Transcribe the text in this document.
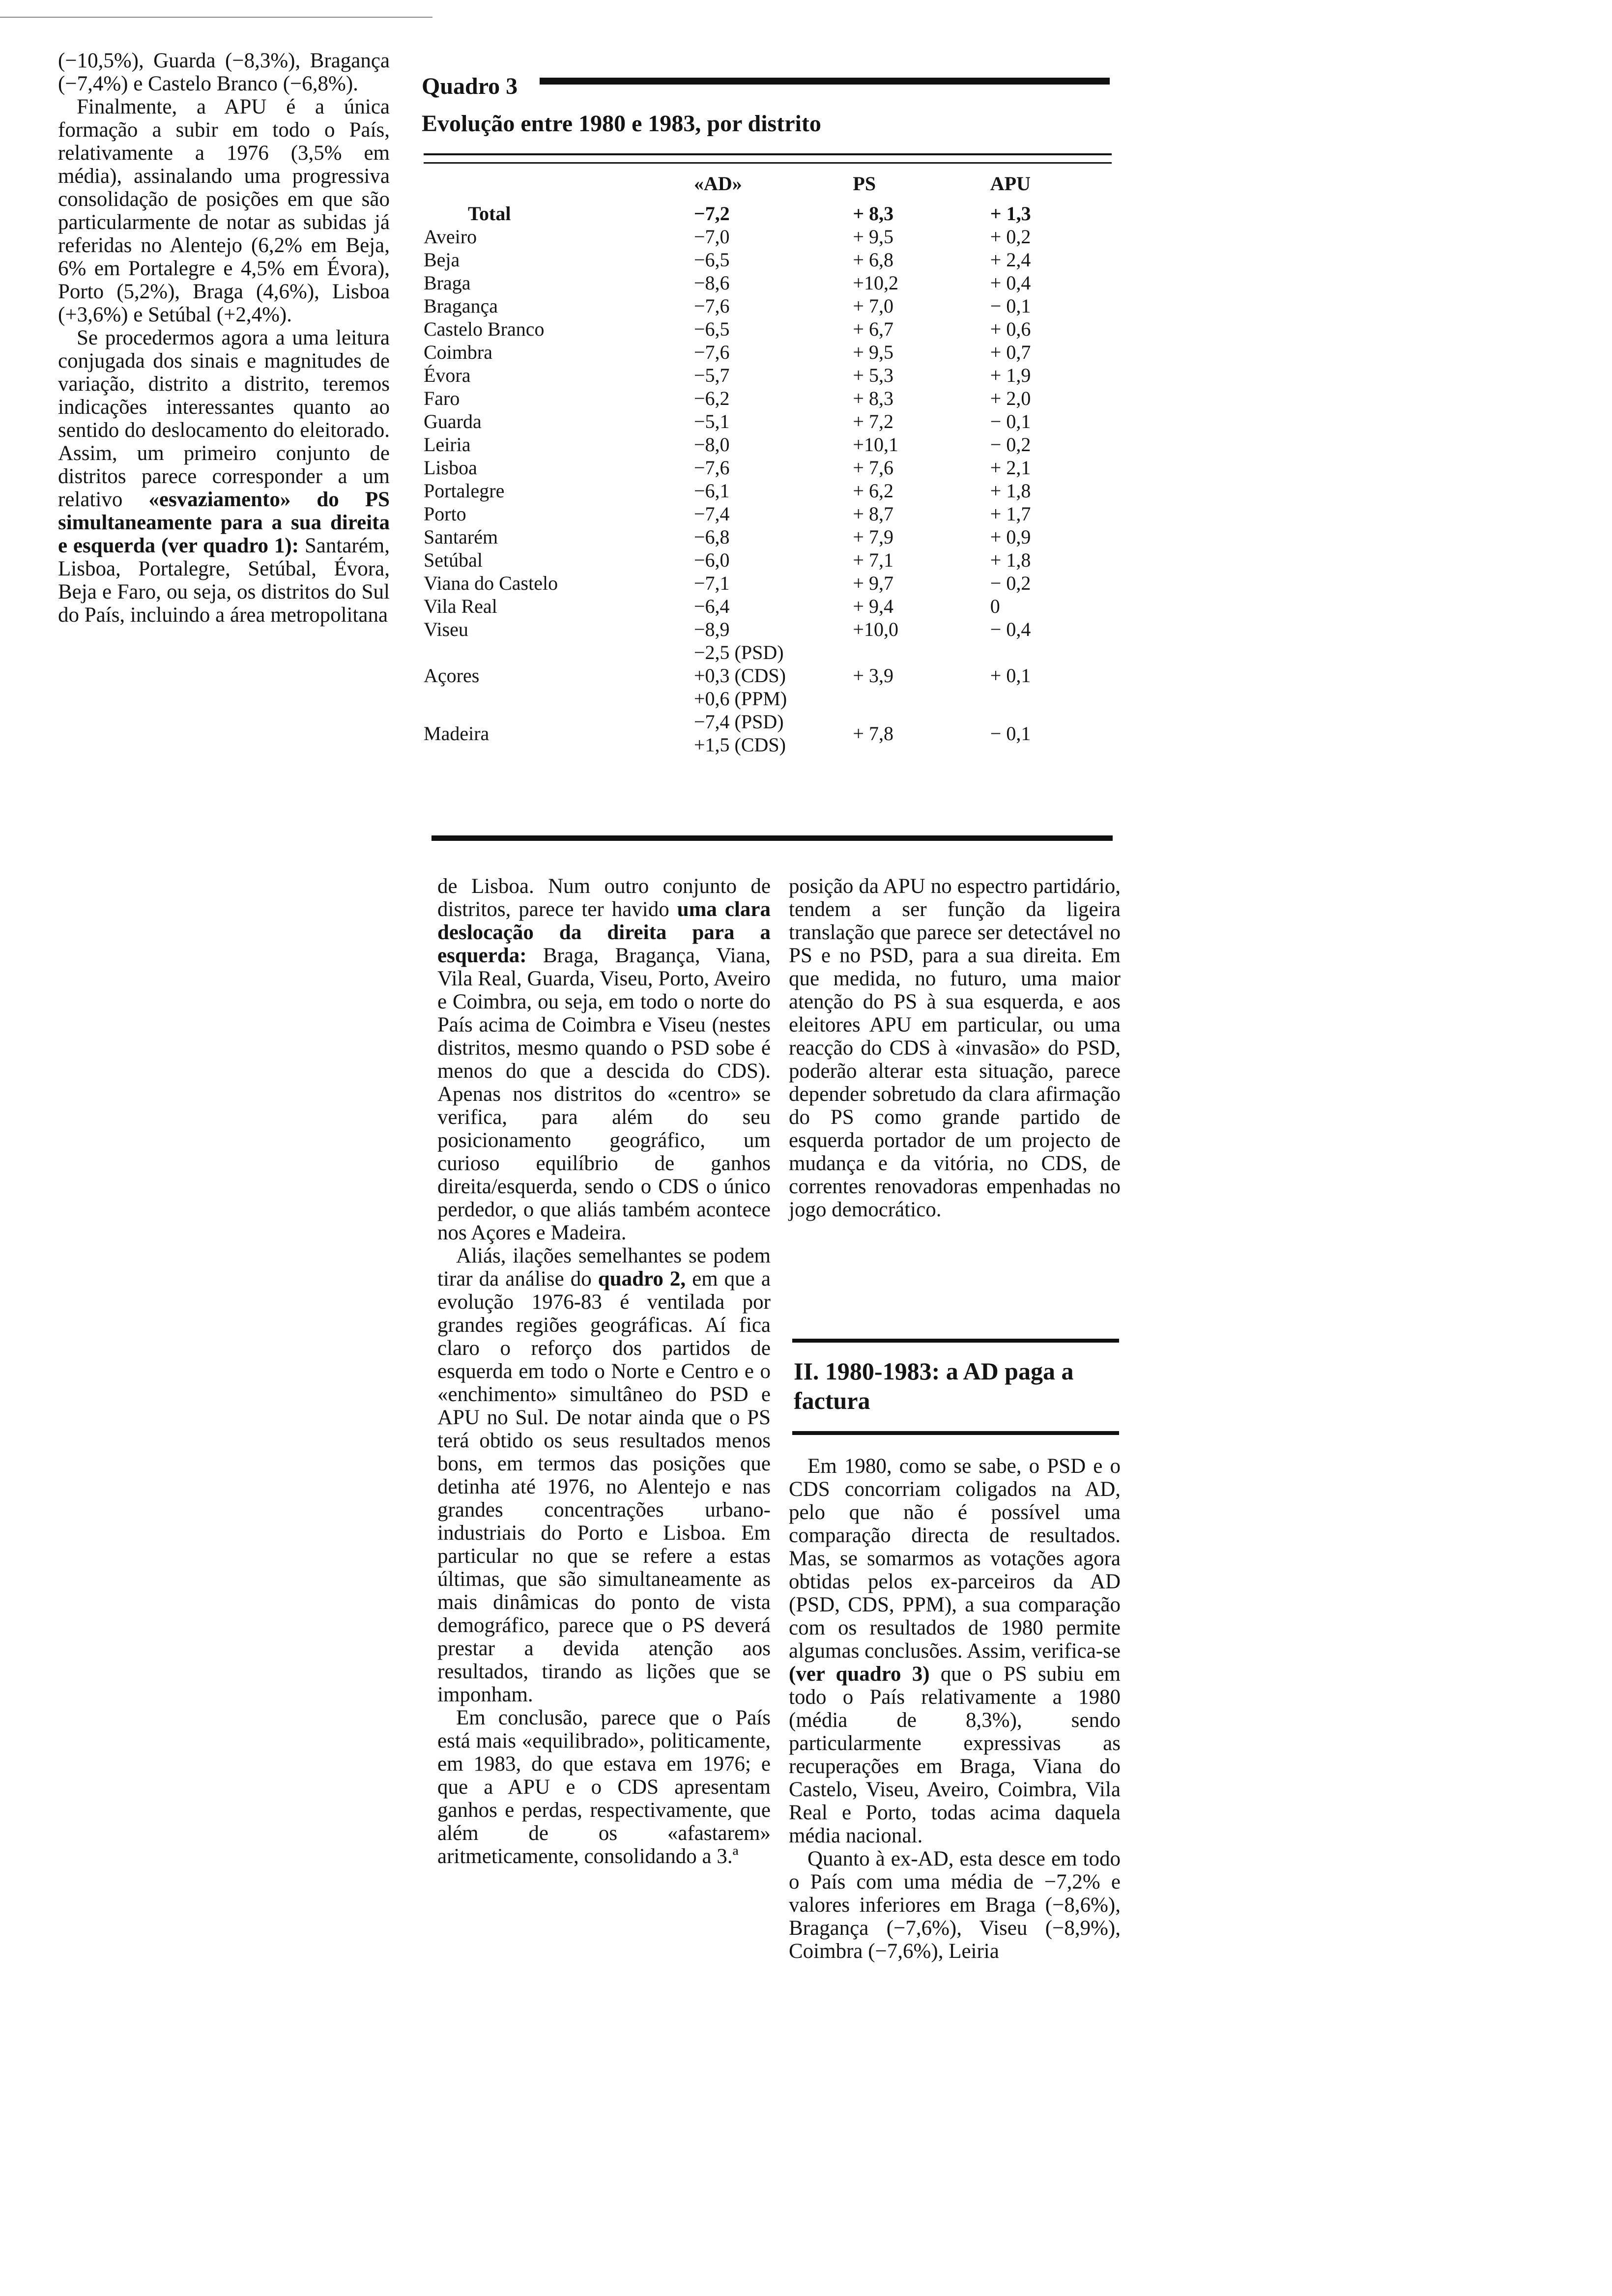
(−10,5%), Guarda (−8,3%), Bragança (−7,4%) e Castelo Branco (−6,8%).

Finalmente, a APU é a única formação a subir em todo o País, relativamente a 1976 (3,5% em média), assinalando uma progressiva consolidação de posições em que são particularmente de notar as subidas já referidas no Alentejo (6,2% em Beja, 6% em Portalegre e 4,5% em Évora), Porto (5,2%), Braga (4,6%), Lisboa (+3,6%) e Setúbal (+2,4%).

Se procedermos agora a uma leitura conjugada dos sinais e magnitudes de variação, distrito a distrito, teremos indicações interessantes quanto ao sentido do deslocamento do eleitorado. Assim, um primeiro conjunto de distritos parece corresponder a um relativo «esvaziamento» do PS simultaneamente para a sua direita e esquerda (ver quadro 1): Santarém, Lisboa, Portalegre, Setúbal, Évora, Beja e Faro, ou seja, os distritos do Sul do País, incluindo a área metropolitana

Quadro 3
Evolução entre 1980 e 1983, por distrito
	«AD»	PS	APU
Total	−7,2	+ 8,3	+ 1,3
Aveiro	−7,0	+ 9,5	+ 0,2
Beja	−6,5	+ 6,8	+ 2,4
Braga	−8,6	+10,2	+ 0,4
Bragança	−7,6	+ 7,0	− 0,1
Castelo Branco	−6,5	+ 6,7	+ 0,6
Coimbra	−7,6	+ 9,5	+ 0,7
Évora	−5,7	+ 5,3	+ 1,9
Faro	−6,2	+ 8,3	+ 2,0
Guarda	−5,1	+ 7,2	− 0,1
Leiria	−8,0	+10,1	− 0,2
Lisboa	−7,6	+ 7,6	+ 2,1
Portalegre	−6,1	+ 6,2	+ 1,8
Porto	−7,4	+ 8,7	+ 1,7
Santarém	−6,8	+ 7,9	+ 0,9
Setúbal	−6,0	+ 7,1	+ 1,8
Viana do Castelo	−7,1	+ 9,7	− 0,2
Vila Real	−6,4	+ 9,4	0
Viseu	−8,9	+10,0	− 0,4
Açores	−2,5 (PSD)
+0,3 (CDS)
+0,6 (PPM)	+ 3,9	+ 0,1
Madeira	−7,4 (PSD)
+1,5 (CDS)	+ 7,8	− 0,1

de Lisboa. Num outro conjunto de distritos, parece ter havido uma clara deslocação da direita para a esquerda: Braga, Bragança, Viana, Vila Real, Guarda, Viseu, Porto, Aveiro e Coimbra, ou seja, em todo o norte do País acima de Coimbra e Viseu (nestes distritos, mesmo quando o PSD sobe é menos do que a descida do CDS). Apenas nos distritos do «centro» se verifica, para além do seu posicionamento geográfico, um curioso equilíbrio de ganhos direita/esquerda, sendo o CDS o único perdedor, o que aliás também acontece nos Açores e Madeira.

Aliás, ilações semelhantes se podem tirar da análise do quadro 2, em que a evolução 1976-83 é ventilada por grandes regiões geográficas. Aí fica claro o reforço dos partidos de esquerda em todo o Norte e Centro e o «enchimento» simultâneo do PSD e APU no Sul. De notar ainda que o PS terá obtido os seus resultados menos bons, em termos das posições que detinha até 1976, no Alentejo e nas grandes concentrações urbano-industriais do Porto e Lisboa. Em particular no que se refere a estas últimas, que são simultaneamente as mais dinâmicas do ponto de vista demográfico, parece que o PS deverá prestar a devida atenção aos resultados, tirando as lições que se imponham.

Em conclusão, parece que o País está mais «equilibrado», politicamente, em 1983, do que estava em 1976; e que a APU e o CDS apresentam ganhos e perdas, respectivamente, que além de os «afastarem» aritmeticamente, consolidando a 3.ª

posição da APU no espectro partidário, tendem a ser função da ligeira translação que parece ser detectável no PS e no PSD, para a sua direita. Em que medida, no futuro, uma maior atenção do PS à sua esquerda, e aos eleitores APU em particular, ou uma reacção do CDS à «invasão» do PSD, poderão alterar esta situação, parece depender sobretudo da clara afirmação do PS como grande partido de esquerda portador de um projecto de mudança e da vitória, no CDS, de correntes renovadoras empenhadas no jogo democrático.

II. 1980-1983: a AD paga a factura

Em 1980, como se sabe, o PSD e o CDS concorriam coligados na AD, pelo que não é possível uma comparação directa de resultados. Mas, se somarmos as votações agora obtidas pelos ex-parceiros da AD (PSD, CDS, PPM), a sua comparação com os resultados de 1980 permite algumas conclusões. Assim, verifica-se (ver quadro 3) que o PS subiu em todo o País relativamente a 1980 (média de 8,3%), sendo particularmente expressivas as recuperações em Braga, Viana do Castelo, Viseu, Aveiro, Coimbra, Vila Real e Porto, todas acima daquela média nacional.

Quanto à ex-AD, esta desce em todo o País com uma média de −7,2% e valores inferiores em Braga (−8,6%), Bragança (−7,6%), Viseu (−8,9%), Coimbra (−7,6%), Leiria
